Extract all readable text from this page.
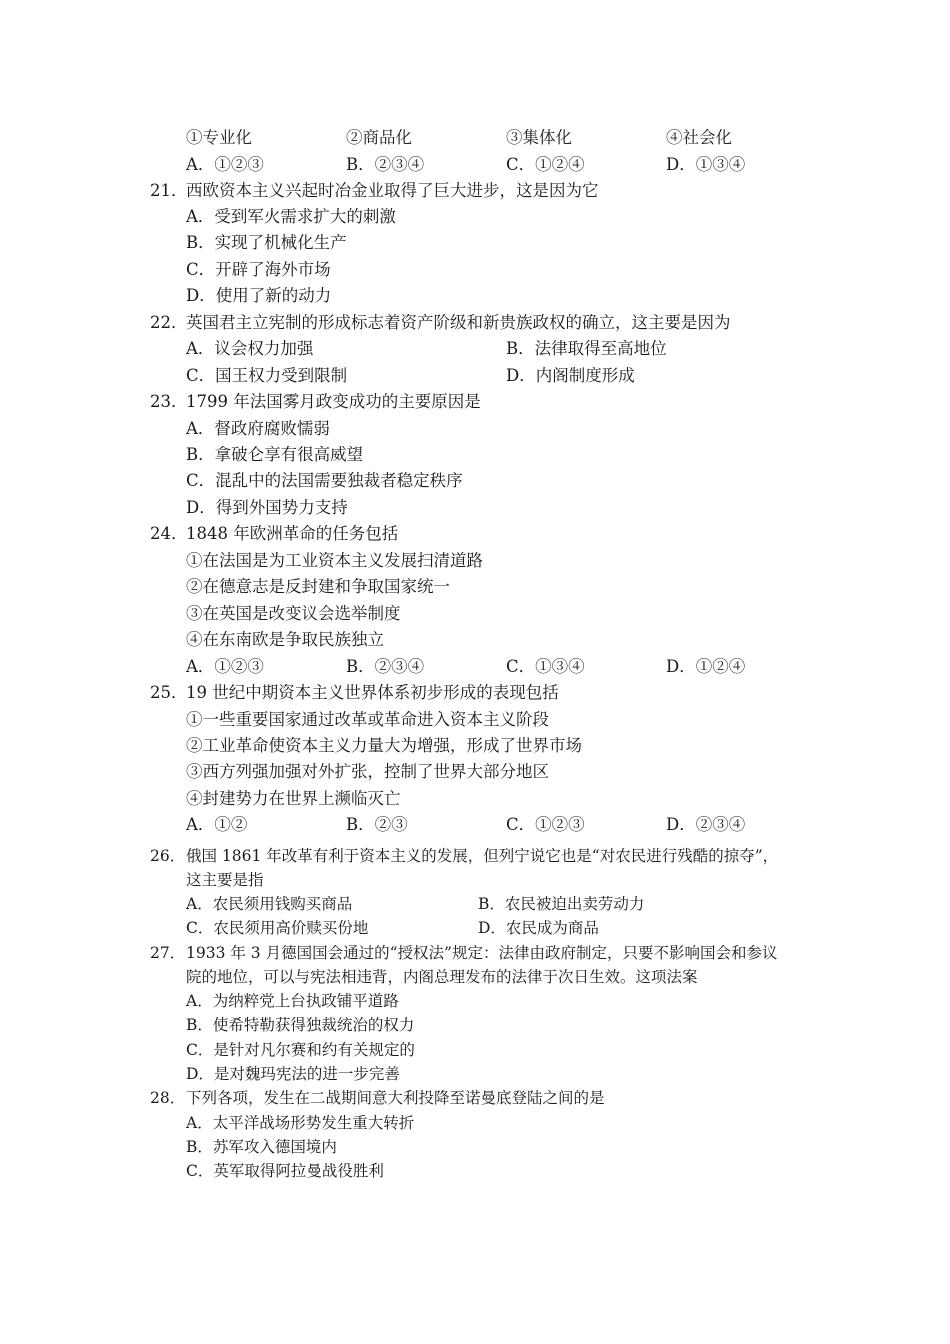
①专业化	②商品化	③集体化	④社会化
A．①②③	B．②③④	C．①②④	D．①③④
21．
西欧资本主义兴起时冶金业取得了巨大进步，这是因为它
A．受到军火需求扩大的刺激
B．实现了机械化生产
C．开辟了海外市场
D．使用了新的动力
22．
英国君主立宪制的形成标志着资产阶级和新贵族政权的确立，这主要是因为
A．议会权力加强	B．法律取得至高地位
C．国王权力受到限制	D．内阁制度形成
23．
1799 年法国雾月政变成功的主要原因是
A．督政府腐败懦弱
B．拿破仑享有很高威望
C．混乱中的法国需要独裁者稳定秩序
D．得到外国势力支持
24．
1848 年欧洲革命的任务包括
①在法国是为工业资本主义发展扫清道路
②在德意志是反封建和争取国家统一
③在英国是改变议会选举制度
④在东南欧是争取民族独立
A．①②③	B．②③④	C．①③④	D．①②④
25．
19 世纪中期资本主义世界体系初步形成的表现包括
①一些重要国家通过改革或革命进入资本主义阶段
②工业革命使资本主义力量大为增强，形成了世界市场
③西方列强加强对外扩张，控制了世界大部分地区
④封建势力在世界上濒临灭亡
A．①②	B．②③	C．①②③	D．②③④
26． 俄国 1861 年改革有利于资本主义的发展，但列宁说它也是“对农民进行残酷的掠夺”，
这主要是指
A．农民须用钱购买商品	B．农民被迫出卖劳动力
C．农民须用高价赎买份地	D．农民成为商品
27． 1933 年 3 月德国国会通过的“授权法”规定：法律由政府制定，只要不影响国会和参议
院的地位，可以与宪法相违背，内阁总理发布的法律于次日生效。这项法案
A．为纳粹党上台执政铺平道路
B．使希特勒获得独裁统治的权力
C．是针对凡尔赛和约有关规定的
D．是对魏玛宪法的进一步完善
28． 下列各项，发生在二战期间意大利投降至诺曼底登陆之间的是
A．太平洋战场形势发生重大转折
B．苏军攻入德国境内
C．英军取得阿拉曼战役胜利
